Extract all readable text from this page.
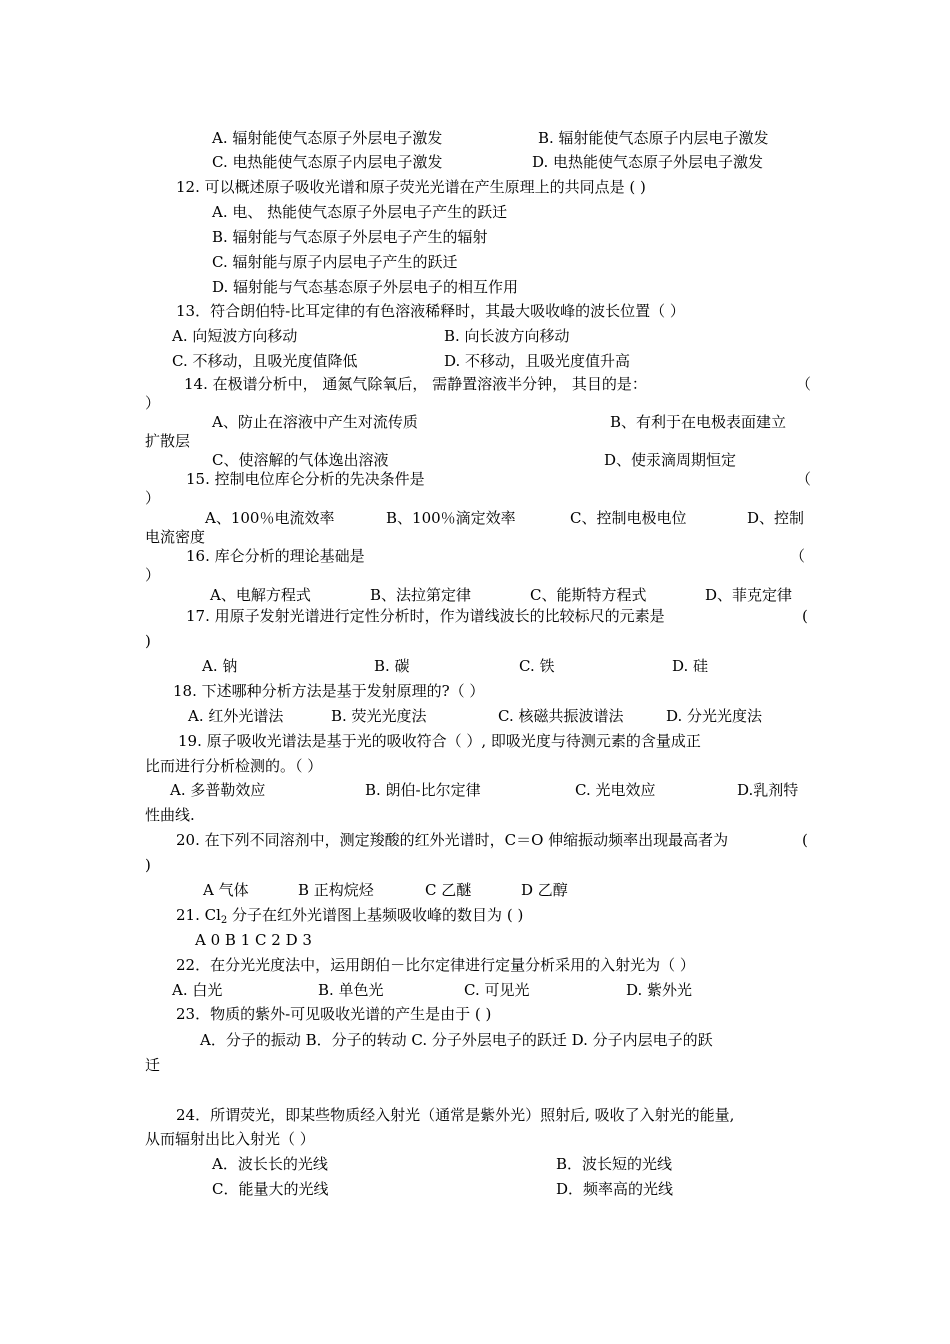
A. 辐射能使气态原子外层电子激发	B. 辐射能使气态原子内层电子激发
C. 电热能使气态原子内层电子激发	D. 电热能使气态原子外层电子激发
12. 可以概述原子吸收光谱和原子荧光光谱在产生原理上的共同点是 ( )
A. 电、 热能使气态原子外层电子产生的跃迁
B. 辐射能与气态原子外层电子产生的辐射
C. 辐射能与原子内层电子产生的跃迁
D. 辐射能与气态基态原子外层电子的相互作用
13．符合朗伯特-比耳定律的有色溶液稀释时，其最大吸收峰的波长位置（ ）
A. 向短波方向移动	B. 向长波方向移动
C. 不移动，且吸光度值降低	D. 不移动，且吸光度值升高
14. 在极谱分析中， 通氮气除氧后， 需静置溶液半分钟， 其目的是：	（
）
A、防止在溶液中产生对流传质	B、有利于在电极表面建立
扩散层
C、使溶解的气体逸出溶液	D、使汞滴周期恒定
15. 控制电位库仑分析的先决条件是	（
）
A、100％电流效率	B、100％滴定效率	C、控制电极电位	D、控制
电流密度
16. 库仑分析的理论基础是	（
）
A、电解方程式	B、法拉第定律	C、能斯特方程式	D、菲克定律
17. 用原子发射光谱进行定性分析时，作为谱线波长的比较标尺的元素是	(
)
A. 钠	B. 碳	C. 铁	D. 硅
18. 下述哪种分析方法是基于发射原理的?（ ）
A. 红外光谱法	B. 荧光光度法	C. 核磁共振波谱法	D. 分光光度法
19. 原子吸收光谱法是基于光的吸收符合（ ）, 即吸光度与待测元素的含量成正
比而进行分析检测的。（ ）
A. 多普勒效应	B. 朗伯-比尔定律	C. 光电效应	D.乳剂特
性曲线.
20. 在下列不同溶剂中，测定羧酸的红外光谱时，C＝O 伸缩振动频率出现最高者为	(
)
A 气体	B 正构烷烃	C 乙醚	D 乙醇
21. $Cl_2$ 分子在红外光谱图上基频吸收峰的数目为 ( )
A 0 B 1 C 2 D 3
22．在分光光度法中，运用朗伯－比尔定律进行定量分析采用的入射光为（ ）
A. 白光	B. 单色光	C. 可见光	D. 紫外光
23．物质的紫外-可见吸收光谱的产生是由于 ( )
A．分子的振动 B．分子的转动 C. 分子外层电子的跃迁 D. 分子内层电子的跃
迁
24．所谓荧光，即某些物质经入射光（通常是紫外光）照射后, 吸收了入射光的能量,
从而辐射出比入射光（ ）
A．波长长的光线	B．波长短的光线
C．能量大的光线	D．频率高的光线
